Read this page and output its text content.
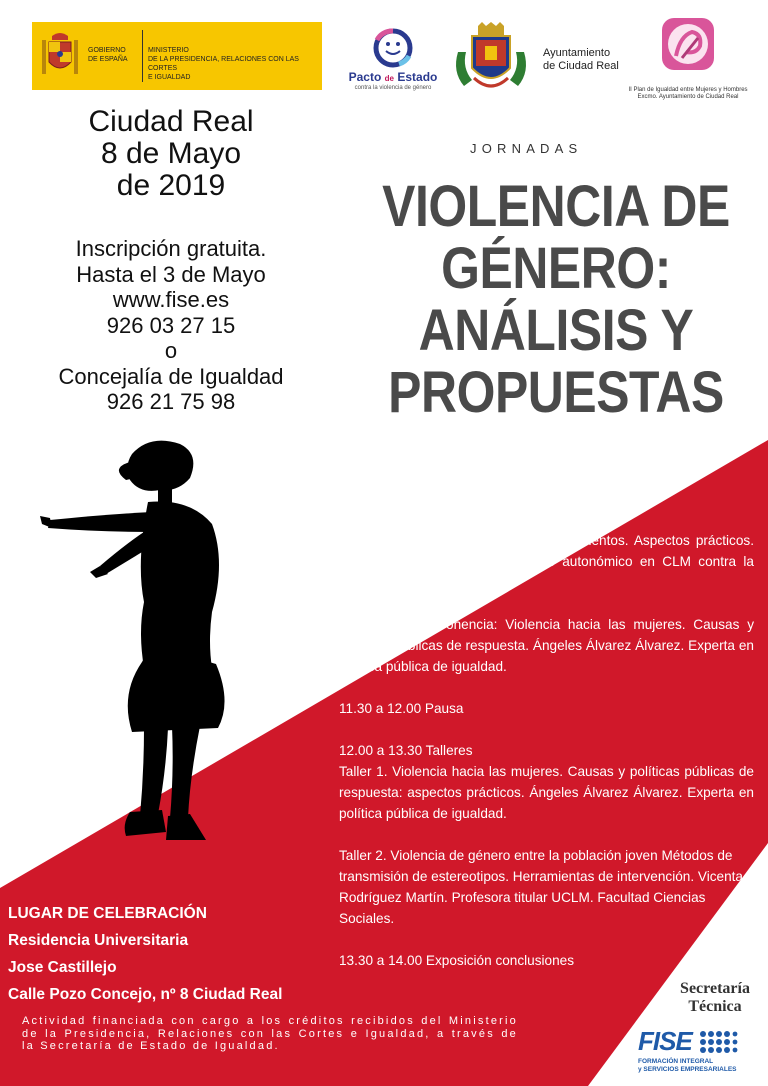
GOBIERNO
DE ESPAÑA
MINISTERIO
DE LA PRESIDENCIA, RELACIONES CON LAS CORTES
E IGUALDAD	Pacto de Estado
contra la violencia de género
Ayuntamiento
de Ciudad Real
II Plan de Igualdad entre Mujeres y Hombres
Excmo. Ayuntamiento de Ciudad Real
Ciudad Real
8 de Mayo
de 2019
Inscripción gratuita.
Hasta el 3 de Mayo
www.fise.es
926 03 27 15
o
Concejalía de Igualdad
926 21 75 98
JORNADAS
VIOLENCIA DE
GÉNERO:
ANÁLISIS Y
PROPUESTAS
PROGRAMA
8.45 a 9.15 Acreditación
9:15 a 9.30 Presentación
9.30 a 10.30 Ponencia: Ley y procedimientos. Aspectos prácticos. Jesús Gil Trujillo. Fiscal delegado autonómico en CLM contra la violencia de género.
10.30 a 11.30 Ponencia: Violencia hacia las mujeres. Causas y políticas públicas de respuesta. Ángeles Álvarez Álvarez. Experta en política pública de igualdad.
11.30 a 12.00 Pausa
12.00 a 13.30 Talleres
Taller 1. Violencia hacia las mujeres. Causas y políticas públicas de respuesta: aspectos prácticos. Ángeles Álvarez Álvarez. Experta en política pública de igualdad.
Taller 2. Violencia de género entre la población joven Métodos de transmisión de estereotipos. Herramientas de intervención. Vicenta Rodríguez Martín. Profesora titular UCLM. Facultad Ciencias Sociales.
13.30 a 14.00 Exposición conclusiones
LUGAR DE CELEBRACIÓN
Residencia Universitaria
Jose Castillejo
Calle Pozo Concejo, nº 8 Ciudad Real
Actividad financiada con cargo a los créditos recibidos del Ministerio de la Presidencia, Relaciones con las Cortes e Igualdad, a través de la Secretaría de Estado de Igualdad.
Secretaría
Técnica
FISE
FORMACIÓN INTEGRAL
y SERVICIOS EMPRESARIALES
